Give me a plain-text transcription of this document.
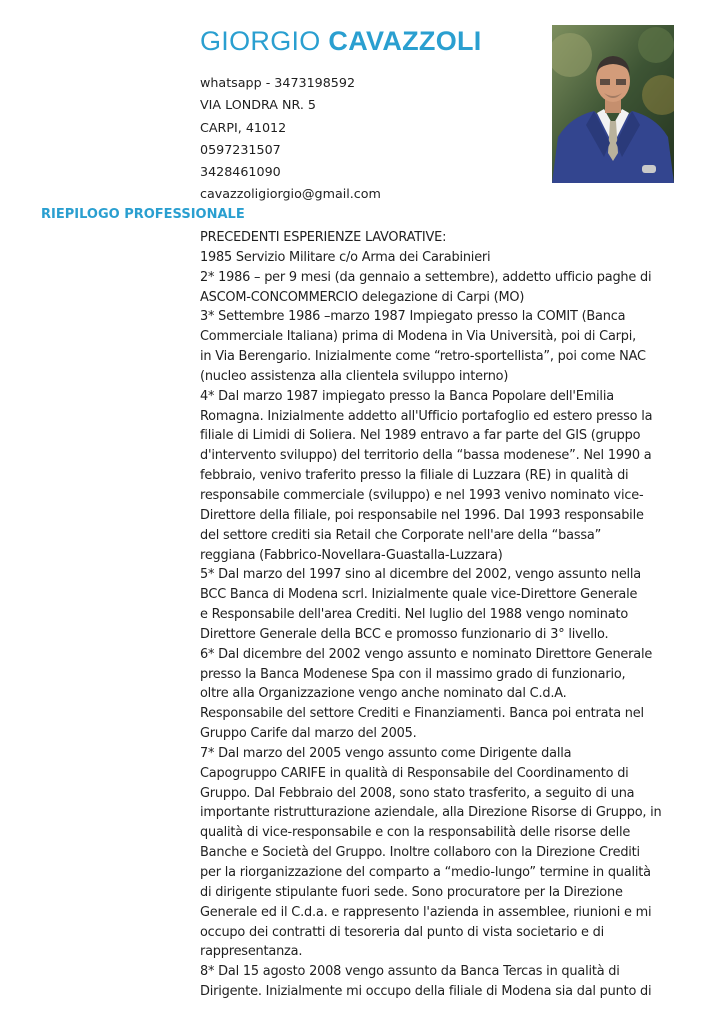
GIORGIO CAVAZZOLI
whatsapp - 3473198592
VIA LONDRA NR. 5
CARPI, 41012
0597231507
3428461090
cavazzoligiorgio@gmail.com
RIEPILOGO PROFESSIONALE

PRECEDENTI ESPERIENZE LAVORATIVE:

1985 Servizio Militare c/o Arma dei Carabinieri

2* 1986 – per 9 mesi (da gennaio a settembre), addetto ufficio paghe di

ASCOM-CONCOMMERCIO delegazione di Carpi (MO)

3* Settembre 1986 –marzo 1987 Impiegato presso la COMIT (Banca

Commerciale Italiana) prima di Modena in Via Università, poi di Carpi,

in Via Berengario. Inizialmente come “retro-sportellista”, poi come NAC

(nucleo assistenza alla clientela sviluppo interno)

4* Dal marzo 1987 impiegato presso la Banca Popolare dell'Emilia

Romagna. Inizialmente addetto all'Ufficio portafoglio ed estero presso la

filiale di Limidi di Soliera. Nel 1989 entravo a far parte del GIS (gruppo

d'intervento sviluppo) del territorio della “bassa modenese”. Nel 1990 a

febbraio, venivo traferito presso la filiale di Luzzara (RE) in qualità di

responsabile commerciale (sviluppo) e nel 1993 venivo nominato vice-

Direttore della filiale, poi responsabile nel 1996. Dal 1993 responsabile

del settore crediti sia Retail che Corporate nell'are della “bassa”

reggiana (Fabbrico-Novellara-Guastalla-Luzzara)

5* Dal marzo del 1997 sino al dicembre del 2002, vengo assunto nella

BCC Banca di Modena scrl. Inizialmente quale vice-Direttore Generale

e Responsabile dell'area Crediti. Nel luglio del 1988 vengo nominato

Direttore Generale della BCC e promosso funzionario di 3° livello.

6* Dal dicembre del 2002 vengo assunto e nominato Direttore Generale

presso la Banca Modenese Spa con il massimo grado di funzionario,

oltre alla Organizzazione vengo anche nominato dal C.d.A.

Responsabile del settore Crediti e Finanziamenti. Banca poi entrata nel

Gruppo Carife dal marzo del 2005.

7* Dal marzo del 2005 vengo assunto come Dirigente dalla

Capogruppo CARIFE in qualità di Responsabile del Coordinamento di

Gruppo. Dal Febbraio del 2008, sono stato trasferito, a seguito di una

importante ristrutturazione aziendale, alla Direzione Risorse di Gruppo, in

qualità di vice-responsabile e con la responsabilità delle risorse delle

Banche e Società del Gruppo. Inoltre collaboro con la Direzione Crediti

per la riorganizzazione del comparto a “medio-lungo” termine in qualità

di dirigente stipulante fuori sede. Sono procuratore per la Direzione

Generale ed il C.d.a. e rappresento l'azienda in assemblee, riunioni e mi

occupo dei contratti di tesoreria dal punto di vista societario e di

rappresentanza.

8* Dal 15 agosto 2008 vengo assunto da Banca Tercas in qualità di

Dirigente. Inizialmente mi occupo della filiale di Modena sia dal punto di
